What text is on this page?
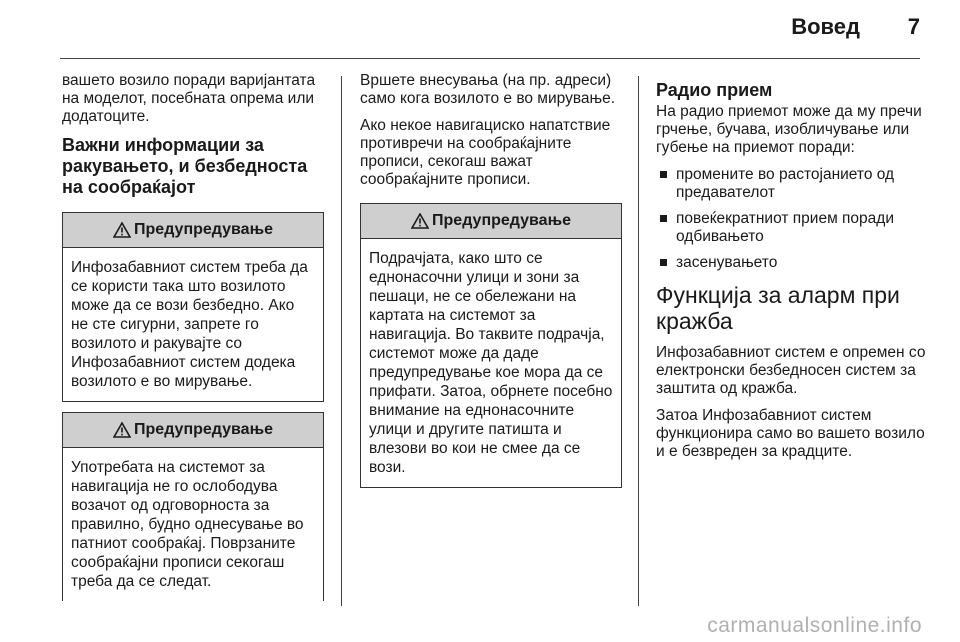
Вовед 7

вашето возило поради варијантата на моделот, посебната опрема или додатоците.

Важни информации за ракувањето, и безбедноста на сообраќајот
Предупредување
Инфозабавниот систем треба да се користи така што возилото може да се вози безбедно. Ако не сте сигурни, запрете го возилото и ракувајте со Инфозабавниот систем додека возилото е во мирување.
Предупредување
Употребата на системот за навигација не го ослободува возачот од одговорноста за правилно, будно однесување во патниот сообраќај. Поврзаните сообраќајни прописи секогаш треба да се следат.

Вршете внесувања (на пр. адреси) само кога возилото е во мирување.

Ако некое навигациско напатствие противречи на сообраќајните прописи, секогаш важат сообраќајните прописи.

Предупредување
Подрачјата, како што се еднонасочни улици и зони за пешаци, не се обележани на картата на системот за навигација. Во таквите подрачја, системот може да даде предупредување кое мора да се прифати. Затоа, обрнете посебно внимание на еднонасочните улици и другите патишта и влезови во кои не смее да се вози.
Радио прием

На радио приемот може да му пречи грчење, бучава, изобличување или губење на приемот поради:

промените во растојанието од предавателот
повеќекратниот прием поради одбивањето
засенувањето
Функција за аларм при кражба

Инфозабавниот систем е опремен со електронски безбедносен систем за заштита од кражба.

Затоа Инфозабавниот систем функционира само во вашето возило и е безвреден за крадците.

carmanualsonline.info
